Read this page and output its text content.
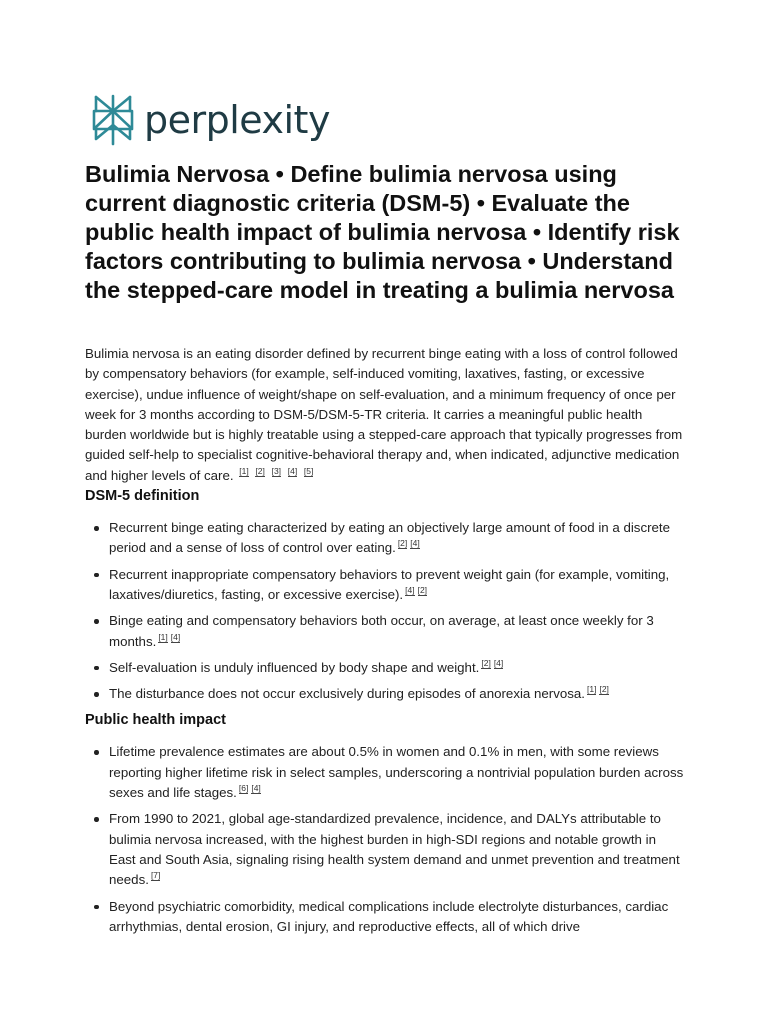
perplexity
Bulimia Nervosa • Define bulimia nervosa using current diagnostic criteria (DSM-5) • Evaluate the public health impact of bulimia nervosa • Identify risk factors contributing to bulimia nervosa • Understand the stepped-care model in treating a bulimia nervosa

Bulimia nervosa is an eating disorder defined by recurrent binge eating with a loss of control followed by compensatory behaviors (for example, self-induced vomiting, laxatives, fasting, or excessive exercise), undue influence of weight/shape on self-evaluation, and a minimum frequency of once per week for 3 months according to DSM-5/DSM-5-TR criteria. It carries a meaningful public health burden worldwide but is highly treatable using a stepped-care approach that typically progresses from guided self-help to specialist cognitive-behavioral therapy and, when indicated, adjunctive medication and higher levels of care. [1] [2] [3] [4] [5]

DSM-5 definition
Recurrent binge eating characterized by eating an objectively large amount of food in a discrete period and a sense of loss of control over eating. [2] [4]
Recurrent inappropriate compensatory behaviors to prevent weight gain (for example, vomiting, laxatives/diuretics, fasting, or excessive exercise). [4] [2]
Binge eating and compensatory behaviors both occur, on average, at least once weekly for 3 months. [1] [4]
Self-evaluation is unduly influenced by body shape and weight. [2] [4]
The disturbance does not occur exclusively during episodes of anorexia nervosa. [1] [2]
Public health impact
Lifetime prevalence estimates are about 0.5% in women and 0.1% in men, with some reviews reporting higher lifetime risk in select samples, underscoring a nontrivial population burden across sexes and life stages. [6] [4]
From 1990 to 2021, global age-standardized prevalence, incidence, and DALYs attributable to bulimia nervosa increased, with the highest burden in high-SDI regions and notable growth in East and South Asia, signaling rising health system demand and unmet prevention and treatment needs. [7]
Beyond psychiatric comorbidity, medical complications include electrolyte disturbances, cardiac arrhythmias, dental erosion, GI injury, and reproductive effects, all of which drive
